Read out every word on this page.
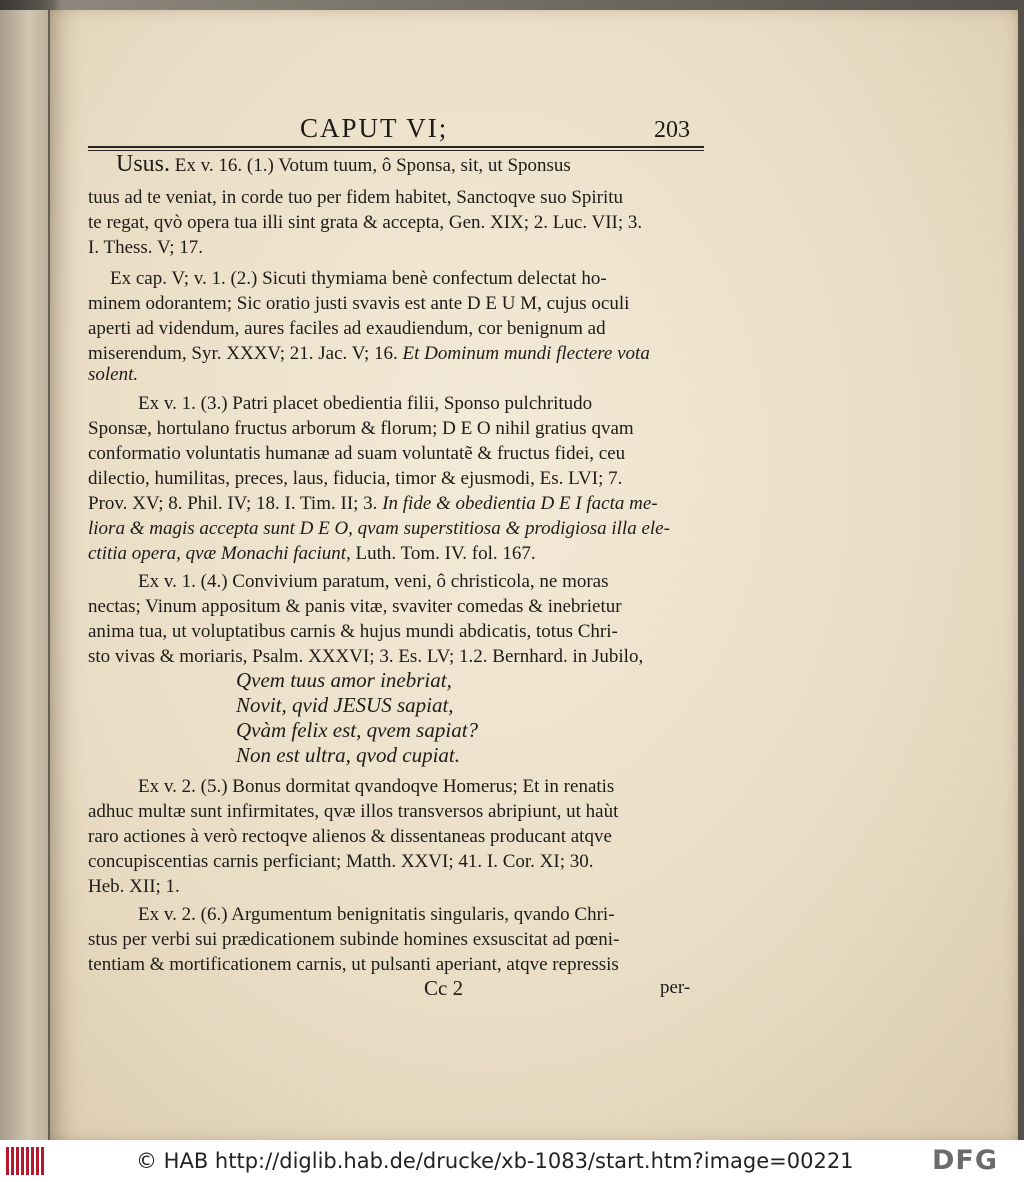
CAPUT VI;	203
Usus. Ex v. 16. (1.) Votum tuum, ô Sponsa, sit, ut Sponsus
tuus ad te veniat, in corde tuo per fidem habitet, Sanctoqve suo Spiritu
te regat, qvò opera tua illi sint grata & accepta, Gen. XIX; 2. Luc. VII; 3.
I. Thess. V; 17.
Ex cap. V; v. 1. (2.) Sicuti thymiama benè confectum delectat ho-
minem odorantem; Sic oratio justi svavis est ante D E U M, cujus oculi
aperti ad videndum, aures faciles ad exaudiendum, cor benignum ad
miserendum, Syr. XXXV; 21. Jac. V; 16. Et Dominum mundi flectere vota
solent.
Ex v. 1. (3.) Patri placet obedientia filii, Sponso pulchritudo
Sponsæ, hortulano fructus arborum & florum; D E O nihil gratius qvam
conformatio voluntatis humanæ ad suam voluntatẽ & fructus fidei, ceu
dilectio, humilitas, preces, laus, fiducia, timor & ejusmodi, Es. LVI; 7.
Prov. XV; 8. Phil. IV; 18. I. Tim. II; 3. In fide & obedientia D E I facta me-
liora & magis accepta sunt D E O, qvam superstitiosa & prodigiosa illa ele-
ctitia opera, qvæ Monachi faciunt, Luth. Tom. IV. fol. 167.
Ex v. 1. (4.) Convivium paratum, veni, ô christicola, ne moras
nectas; Vinum appositum & panis vitæ, svaviter comedas & inebrietur
anima tua, ut voluptatibus carnis & hujus mundi abdicatis, totus Chri-
sto vivas & moriaris, Psalm. XXXVI; 3. Es. LV; 1.2. Bernhard. in Jubilo,
Qvem tuus amor inebriat,
Novit, qvid JESUS sapiat,
Qvàm felix est, qvem sapiat?
Non est ultra, qvod cupiat.
Ex v. 2. (5.) Bonus dormitat qvandoqve Homerus; Et in renatis
adhuc multæ sunt infirmitates, qvæ illos transversos abripiunt, ut haùt
raro actiones à verò rectoqve alienos & dissentaneas producant atqve
concupiscentias carnis perficiant; Matth. XXVI; 41. I. Cor. XI; 30.
Heb. XII; 1.
Ex v. 2. (6.) Argumentum benignitatis singularis, qvando Chri-
stus per verbi sui prædicationem subinde homines exsuscitat ad pœni-
tentiam & mortificationem carnis, ut pulsanti aperiant, atqve repressis
Cc 2	per-
© HAB http://diglib.hab.de/drucke/xb-1083/start.htm?image=00221	DFG
